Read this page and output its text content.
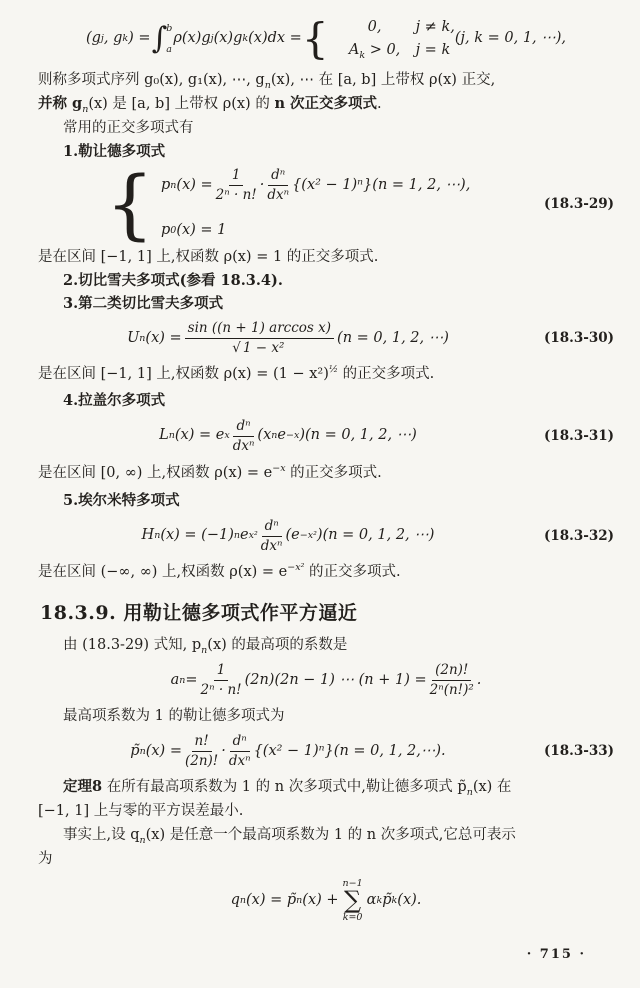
(g j , g k ) = ∫ b
a
ρ(x)g j (x)g k (x)dx = {	0,	j ≠ k,
$A_k > 0$,	j = k
(j, k = 0, 1, ⋯),
则称多项式序列 g₀(x), g₁(x), ⋯, $g_n(x)$, ⋯ 在 [a, b] 上带权 ρ(x) 正交,
并称 $g_n(x)$ 是 [a, b] 上带权 ρ(x) 的 n 次正交多项式.
常用的正交多项式有
1.勒让德多项式
{ p n $(x) = \frac{1}{\text{2ⁿ · n!}} \cdot \frac{\text{dⁿ}}{\text{dxⁿ}} \{(x^2 - 1)^n\} (n = 1$, 2, ⋯),
p 0 (x) = 1
(18.3-29)
是在区间 [−1, 1] 上,权函数 ρ(x) = 1 的正交多项式.
2.切比雪夫多项式(参看 18.3.4).
3.第二类切比雪夫多项式
U n $(x) = \frac{\text{sin ((n + 1) arccos x)}}{\text{√ 1 − x²}} (n = 0$, 1, 2, ⋯)	(18.3-30)
是在区间 [−1, 1] 上,权函数 $\rho(x) = (1 - x^2)^{\frac{1}{2}}$ 的正交多项式.
4.拉盖尔多项式
L n (x) = e x $\frac{\text{dⁿ}}{\text{dxⁿ}} (x$ n e −x ) (n = 0, 1, 2, ⋯)	(18.3-31)
是在区间 [0, ∞) 上,权函数 $\rho(x) = e^{-x}$ 的正交多项式.
5.埃尔米特多项式
H n (x) = (−1) n e $x^2 \frac{\text{dⁿ}}{\text{dxⁿ}} (e -x^2$ ) (n = 0, 1, 2, ⋯)	(18.3-32)
是在区间 (−∞, ∞) 上,权函数 $\rho(x) = e^{-x^2}$ 的正交多项式.
18.3.9. 用勒让德多项式作平方逼近
由 (18.3-29) 式知, $p_n(x)$ 的最高项的系数是
a $n = \frac{1}{\text{2ⁿ · n!}} (2n)(2n - 1)$ ⋯ $(n + 1) = \frac{(2n)!}{\text{2ⁿ(n!)²}}$ .
最高项系数为 1 的勒让德多项式为
p̃ n $(x) = \frac{n!}{(2n)!} \cdot \frac{\text{dⁿ}}{\text{dxⁿ}} \{(x^2 - 1)^n\} (n = 0$, 1, 2,⋯).	(18.3-33)
定理8 在所有最高项系数为 1 的 n 次多项式中,勒让德多项式 $p̃_n(x)$ 在
[−1, 1] 上与零的平方误差最小.
事实上,设 $q_n(x)$ 是任意一个最高项系数为 1 的 n 次多项式,它总可表示
为
q n (x) = p̃ n (x) +
n−1
∑
k=0
α k p̃ k (x).
· 715 ·
